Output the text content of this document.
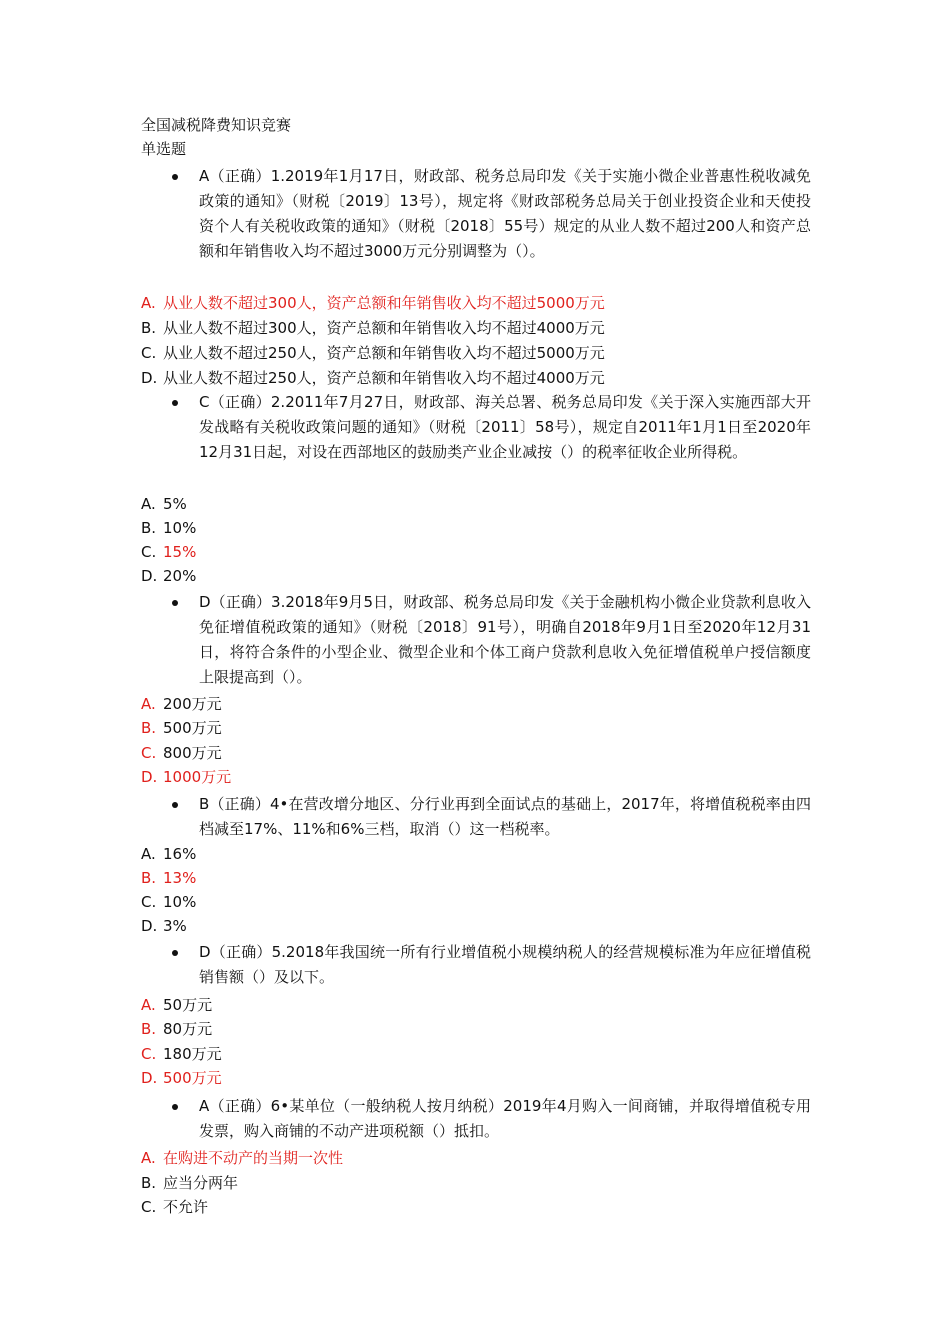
全国减税降费知识竞赛
单选题
A（正确）1.2019年1月17日，财政部、税务总局印发《关于实施小微企业普惠性税收减免政策的通知》（财税〔2019〕13号），规定将《财政部税务总局关于创业投资企业和天使投资个人有关税收政策的通知》（财税〔2018〕55号）规定的从业人数不超过200人和资产总额和年销售收入均不超过3000万元分别调整为（）。
A. 从业人数不超过300人，资产总额和年销售收入均不超过5000万元
B. 从业人数不超过300人，资产总额和年销售收入均不超过4000万元
C. 从业人数不超过250人，资产总额和年销售收入均不超过5000万元
D. 从业人数不超过250人，资产总额和年销售收入均不超过4000万元
C（正确）2.2011年7月27日，财政部、海关总署、税务总局印发《关于深入实施西部大开发战略有关税收政策问题的通知》（财税〔2011〕58号），规定自2011年1月1日至2020年12月31日起，对设在西部地区的鼓励类产业企业减按（）的税率征收企业所得税。
A. 5%
B. 10%
C. 15%
D. 20%
D（正确）3.2018年9月5日，财政部、税务总局印发《关于金融机构小微企业贷款利息收入免征增值税政策的通知》（财税〔2018〕91号），明确自2018年9月1日至2020年12月31日，将符合条件的小型企业、微型企业和个体工商户贷款利息收入免征增值税单户授信额度上限提高到（）。
A. 200万元
B. 500万元
C. 800万元
D. 1000万元
B（正确）4•在营改增分地区、分行业再到全面试点的基础上，2017年，将增值税税率由四档减至17%、11%和6%三档，取消（）这一档税率。
A. 16%
B. 13%
C. 10%
D. 3%
D（正确）5.2018年我国统一所有行业增值税小规模纳税人的经营规模标准为年应征增值税销售额（）及以下。
A. 50万元
B. 80万元
C. 180万元
D. 500万元
A（正确）6•某单位（一般纳税人按月纳税）2019年4月购入一间商铺，并取得增值税专用发票，购入商铺的不动产进项税额（）抵扣。
A. 在购进不动产的当期一次性
B. 应当分两年
C. 不允许
